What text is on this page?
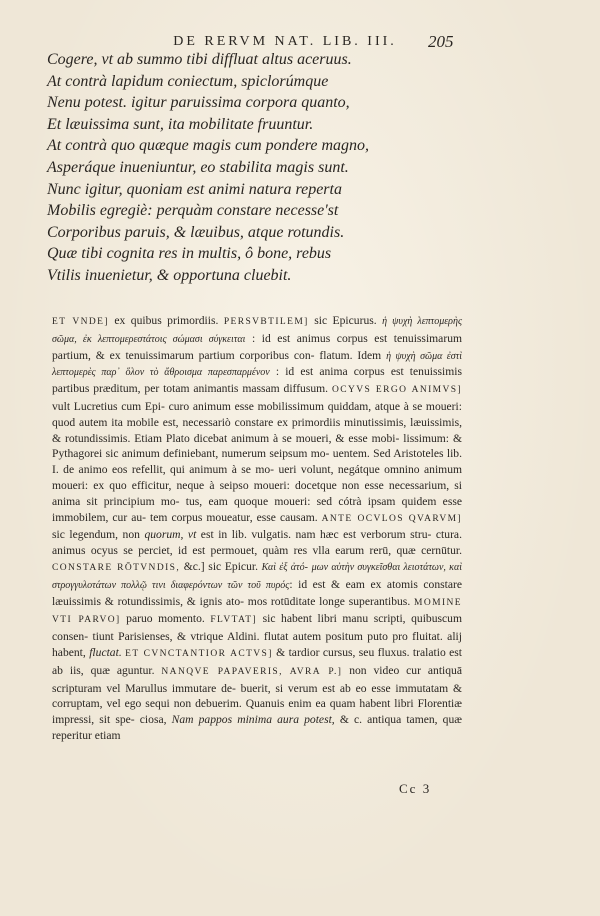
DE RERVM NAT. LIB. III.	205
Cogere, vt ab summo tibi diffluat altus aceruus.
At contrà lapidum coniectum, spiclorúmque
Nenu potest. igitur paruissima corpora quanto,
Et læuissima sunt, ita mobilitate fruuntur.
At contrà quo quæque magis cum pondere magno,
Asperáque inueniuntur, eo stabilita magis sunt.
Nunc igitur, quoniam est animi natura reperta
Mobilis egregiè: perquàm constare necesse'st
Corporibus paruis, & læuibus, atque rotundis.
Quæ tibi cognita res in multis, ô bone, rebus
Vtilis inuenietur, & opportuna cluebit.
ET VNDE] ex quibus primordiis. PERSVBTILEM] sic Epicurus. ἡ ψυχὴ λεπτομερὴς σῶμα, ἐκ λεπτομερεστάτοις σώμασι σύγκειται : id est animus corpus est tenuissimarum partium, & ex tenuissimarum partium corporibus con- flatum. Idem ἡ ψυχὴ σῶμα ἐστὶ λεπτομερὲς παρ᾽ ὅλον τὸ ἄθροισμα παρεσπαρμένον : id est anima corpus est tenuissimis partibus præditum, per totam animantis massam diffusum. OCYVS ERGO ANIMVS] vult Lucretius cum Epi- curo animum esse mobilissimum quiddam, atque à se moueri: quod autem ita mobile est, necessariò constare ex primordiis minutissimis, læuissimis, & rotundissimis. Etiam Plato dicebat animum à se moueri, & esse mobi- lissimum: & Pythagorei sic animum definiebant, numerum seipsum mo- uentem. Sed Aristoteles lib. I. de animo eos refellit, qui animum à se mo- ueri volunt, negátque omnino animum moueri: ex quo efficitur, neque à seipso moueri: docetque non esse necessarium, si anima sit principium mo- tus, eam quoque moueri: sed cótrà ipsam quidem esse immobilem, cur au- tem corpus moueatur, esse causam. ANTE OCVLOS QVARVM] sic legendum, non quorum, vt est in lib. vulgatis. nam hæc est verborum stru- ctura. animus ocyus se perciet, id est permouet, quàm res vlla earum rerū, quæ cernūtur. CONSTARE RŌTVNDIS, &c.] sic Epicur. Καὶ ἐξ ἀτό- μων αὐτὴν συγκεῖσθαι λειοτάτων, καὶ στρογγυλοτάτων πολλῷ τινι διαφερόντων τῶν τοῦ πυρός: id est & eam ex atomis constare læuissimis & rotundissimis, & ignis ato- mos rotūditate longe superantibus. MOMINE VTI PARVO] paruo momento. FLVTAT] sic habent libri manu scripti, quibuscum consen- tiunt Parisienses, & vtrique Aldini. flutat autem positum puto pro fluitat. alij habent, fluctat. ET CVNCTANTIOR ACTVS] & tardior cursus, seu fluxus. tralatio est ab iis, quæ aguntur. NANQVE PAPAVERIS, AVRA P.] non video cur antiquā scripturam vel Marullus immutare de- buerit, si verum est ab eo esse immutatam & corruptam, vel ego sequi non debuerim. Quanuis enim ea quam habent libri Florentiæ impressi, sit spe- ciosa, Nam pappos minima aura potest, & c. antiqua tamen, quæ reperitur etiam
Cc 3
